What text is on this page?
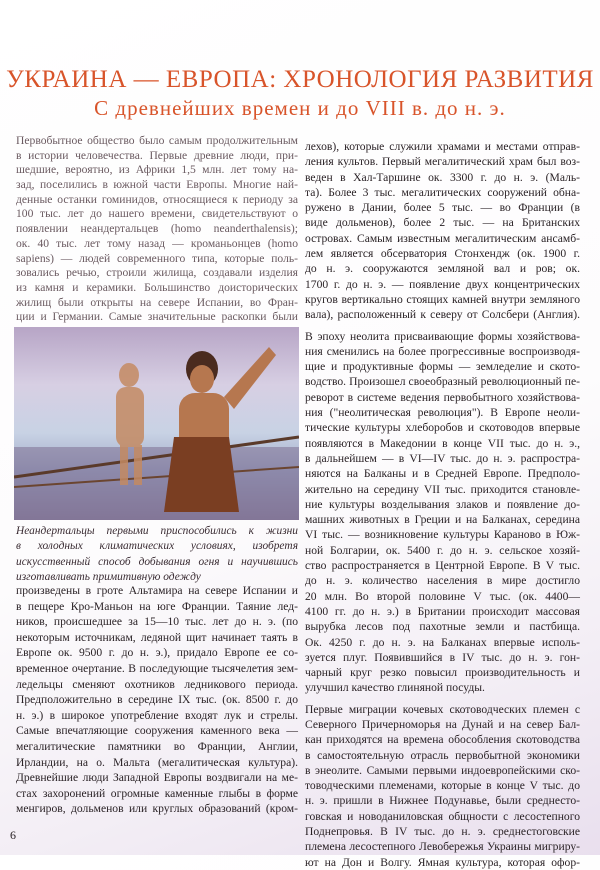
УКРАИНА — ЕВРОПА: ХРОНОЛОГИЯ РАЗВИТИЯ
С древнейших времен и до VIII в. до н. э.
Первобытное общество было самым продолжительным
в истории человечества. Первые древние люди, при-
шедшие, вероятно, из Африки 1,5 млн. лет тому на-
зад, поселились в южной части Европы. Многие най-
денные останки гоминидов, относящиеся к периоду за
100 тыс. лет до нашего времени, свидетельствуют о
появлении неандертальцев (homo neanderthalensis);
ок. 40 тыс. лет тому назад — кроманьонцев (homo
sapiens) — людей современного типа, которые поль-
зовались речью, строили жилища, создавали изделия
из камня и керамики. Большинство доисторических
жилищ были открыты на севере Испании, во Фран-
ции и Германии. Самые значительные раскопки были
Неандертальцы первыми приспособились к жизни
в холодных климатических условиях, изобретя
искусственный способ добывания огня и научившись
изготавливать примитивную одежду
произведены в гроте Альтамира на севере Испании и
в пещере Кро-Маньон на юге Франции. Таяние лед-
ников, происшедшее за 15—10 тыс. лет до н. э. (по
некоторым источникам, ледяной щит начинает таять в
Европе ок. 9500 г. до н. э.), придало Европе ее со-
временное очертание. В последующие тысячелетия зем-
ледельцы сменяют охотников ледникового периода.
Предположительно в середине IX тыс. (ок. 8500 г. до
н. э.) в широкое употребление входят лук и стрелы.
Самые впечатляющие сооружения каменного века —
мегалитические памятники во Франции, Англии,
Ирландии, на о. Мальта (мегалитическая культура).
Древнейшие люди Западной Европы воздвигали на ме-
стах захоронений огромные каменные глыбы в форме
менгиров, дольменов или круглых образований (кром-
лехов), которые служили храмами и местами отправ-
ления культов. Первый мегалитический храм был воз-
веден в Хал-Таршине ок. 3300 г. до н. э. (Маль-
та). Более 3 тыс. мегалитических сооружений обна-
ружено в Дании, более 5 тыс. — во Франции (в
виде дольменов), более 2 тыс. — на Британских
островах. Самым известным мегалитическим ансамб-
лем является обсерватория Стонхендж (ок. 1900 г.
до н. э. сооружаются земляной вал и ров; ок.
1700 г. до н. э. — появление двух концентрических
кругов вертикально стоящих камней внутри земляного
вала), расположенный к северу от Солсбери (Англия).
В эпоху неолита присваивающие формы хозяйствова-
ния сменились на более прогрессивные воспроизводя-
щие и продуктивные формы — земледелие и ското-
водство. Произошел своеобразный революционный пе-
реворот в системе ведения первобытного хозяйствова-
ния ("неолитическая революция"). В Европе неоли-
тические культуры хлеборобов и скотоводов впервые
появляются в Македонии в конце VII тыс. до н. э.,
в дальнейшем — в VI—IV тыс. до н. э. распростра-
няются на Балканы и в Средней Европе. Предполо-
жительно на середину VII тыс. приходится становле-
ние культуры возделывания злаков и появление до-
машних животных в Греции и на Балканах, середина
VI тыс. — возникновение культуры Караново в Юж-
ной Болгарии, ок. 5400 г. до н. э. сельское хозяй-
ство распространяется в Центрной Европе. В V тыс.
до н. э. количество населения в мире достигло
20 млн. Во второй половине V тыс. (ок. 4400—
4100 гг. до н. э.) в Британии происходит массовая
вырубка лесов под пахотные земли и пастбища.
Ок. 4250 г. до н. э. на Балканах впервые исполь-
зуется плуг. Появившийся в IV тыс. до н. э. гон-
чарный круг резко повысил производительность и
улучшил качество глиняной посуды.
Первые миграции кочевых скотоводческих племен с
Северного Причерноморья на Дунай и на север Бал-
кан приходятся на времена обособления скотоводства
в самостоятельную отрасль первобытной экономики
в энеолите. Самыми первыми индоевропейскими ско-
товодческими племенами, которые в конце V тыс. до
н. э. пришли в Нижнее Подунавье, были среднесто-
говская и новоданиловская общности с лесостепного
Поднепровья. В IV тыс. до н. э. среднестоговские
племена лесостепного Левобережья Украины мигриру-
ют на Дон и Волгу. Ямная культура, которая офор-
6
